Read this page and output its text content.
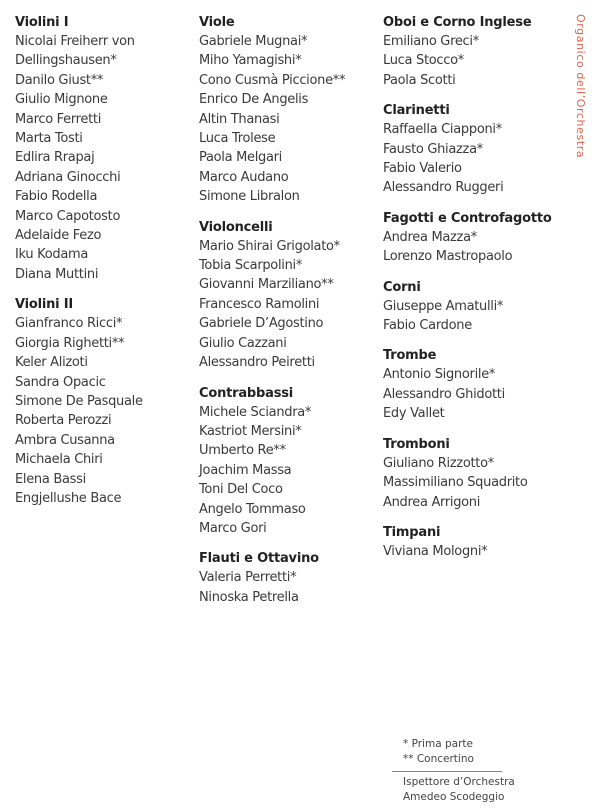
Violini I
Nicolai Freiherr von
Dellingshausen*
Danilo Giust**
Giulio Mignone
Marco Ferretti
Marta Tosti
Edlira Rrapaj
Adriana Ginocchi
Fabio Rodella
Marco Capotosto
Adelaide Fezo
Iku Kodama
Diana Muttini
Violini II
Gianfranco Ricci*
Giorgia Righetti**
Keler Alizoti
Sandra Opacic
Simone De Pasquale
Roberta Perozzi
Ambra Cusanna
Michaela Chiri
Elena Bassi
Engjellushe Bace
Viole
Gabriele Mugnai*
Miho Yamagishi*
Cono Cusmà Piccione**
Enrico De Angelis
Altin Thanasi
Luca Trolese
Paola Melgari
Marco Audano
Simone Libralon
Violoncelli
Mario Shirai Grigolato*
Tobia Scarpolini*
Giovanni Marziliano**
Francesco Ramolini
Gabriele D’Agostino
Giulio Cazzani
Alessandro Peiretti
Contrabbassi
Michele Sciandra*
Kastriot Mersini*
Umberto Re**
Joachim Massa
Toni Del Coco
Angelo Tommaso
Marco Gori
Flauti e Ottavino
Valeria Perretti*
Ninoska Petrella
Oboi e Corno Inglese
Emiliano Greci*
Luca Stocco*
Paola Scotti
Clarinetti
Raffaella Ciapponi*
Fausto Ghiazza*
Fabio Valerio
Alessandro Ruggeri
Fagotti e Controfagotto
Andrea Mazza*
Lorenzo Mastropaolo
Corni
Giuseppe Amatulli*
Fabio Cardone
Trombe
Antonio Signorile*
Alessandro Ghidotti
Edy Vallet
Tromboni
Giuliano Rizzotto*
Massimiliano Squadrito
Andrea Arrigoni
Timpani
Viviana Mologni*
Organico dell’Orchestra
* Prima parte
** Concertino
Ispettore d’Orchestra
Amedeo Scodeggio
